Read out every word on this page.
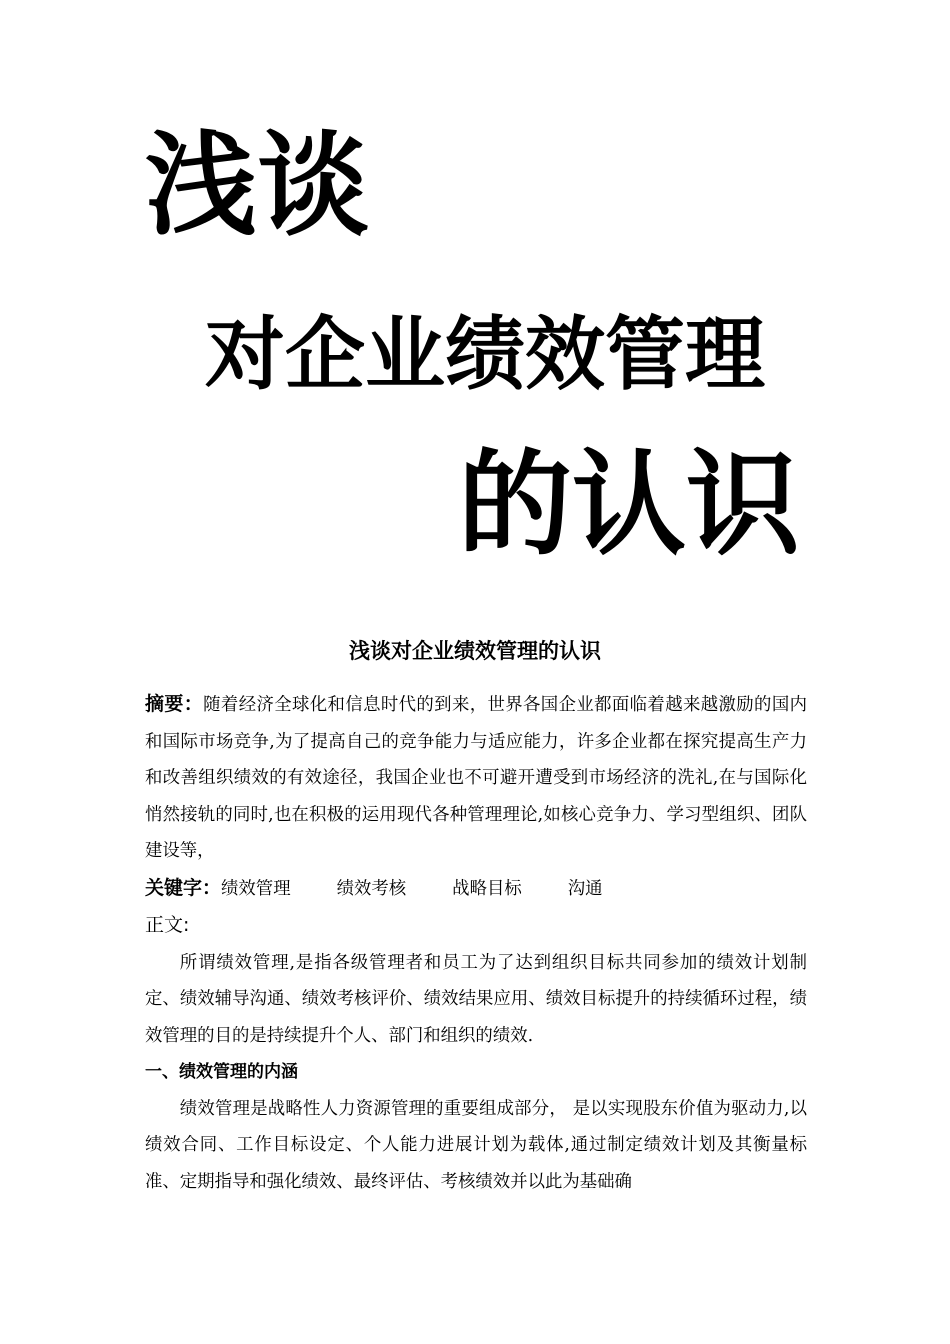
浅谈
对企业绩效管理
的认识
浅谈对企业绩效管理的认识

摘要：随着经济全球化和信息时代的到来，世界各国企业都面临着越来越激励的国内和国际市场竞争,为了提高自己的竞争能力与适应能力，许多企业都在探究提高生产力和改善组织绩效的有效途径，我国企业也不可避开遭受到市场经济的洗礼,在与国际化悄然接轨的同时,也在积极的运用现代各种管理理论,如核心竞争力、学习型组织、团队建设等，

关键字：绩效管理	绩效考核	战略目标	沟通

正文:

所谓绩效管理,是指各级管理者和员工为了达到组织目标共同参加的绩效计划制定、绩效辅导沟通、绩效考核评价、绩效结果应用、绩效目标提升的持续循环过程，绩效管理的目的是持续提升个人、部门和组织的绩效.

一、绩效管理的内涵

绩效管理是战略性人力资源管理的重要组成部分， 是以实现股东价值为驱动力,以绩效合同、工作目标设定、个人能力进展计划为载体,通过制定绩效计划及其衡量标准、定期指导和强化绩效、最终评估、考核绩效并以此为基础确
